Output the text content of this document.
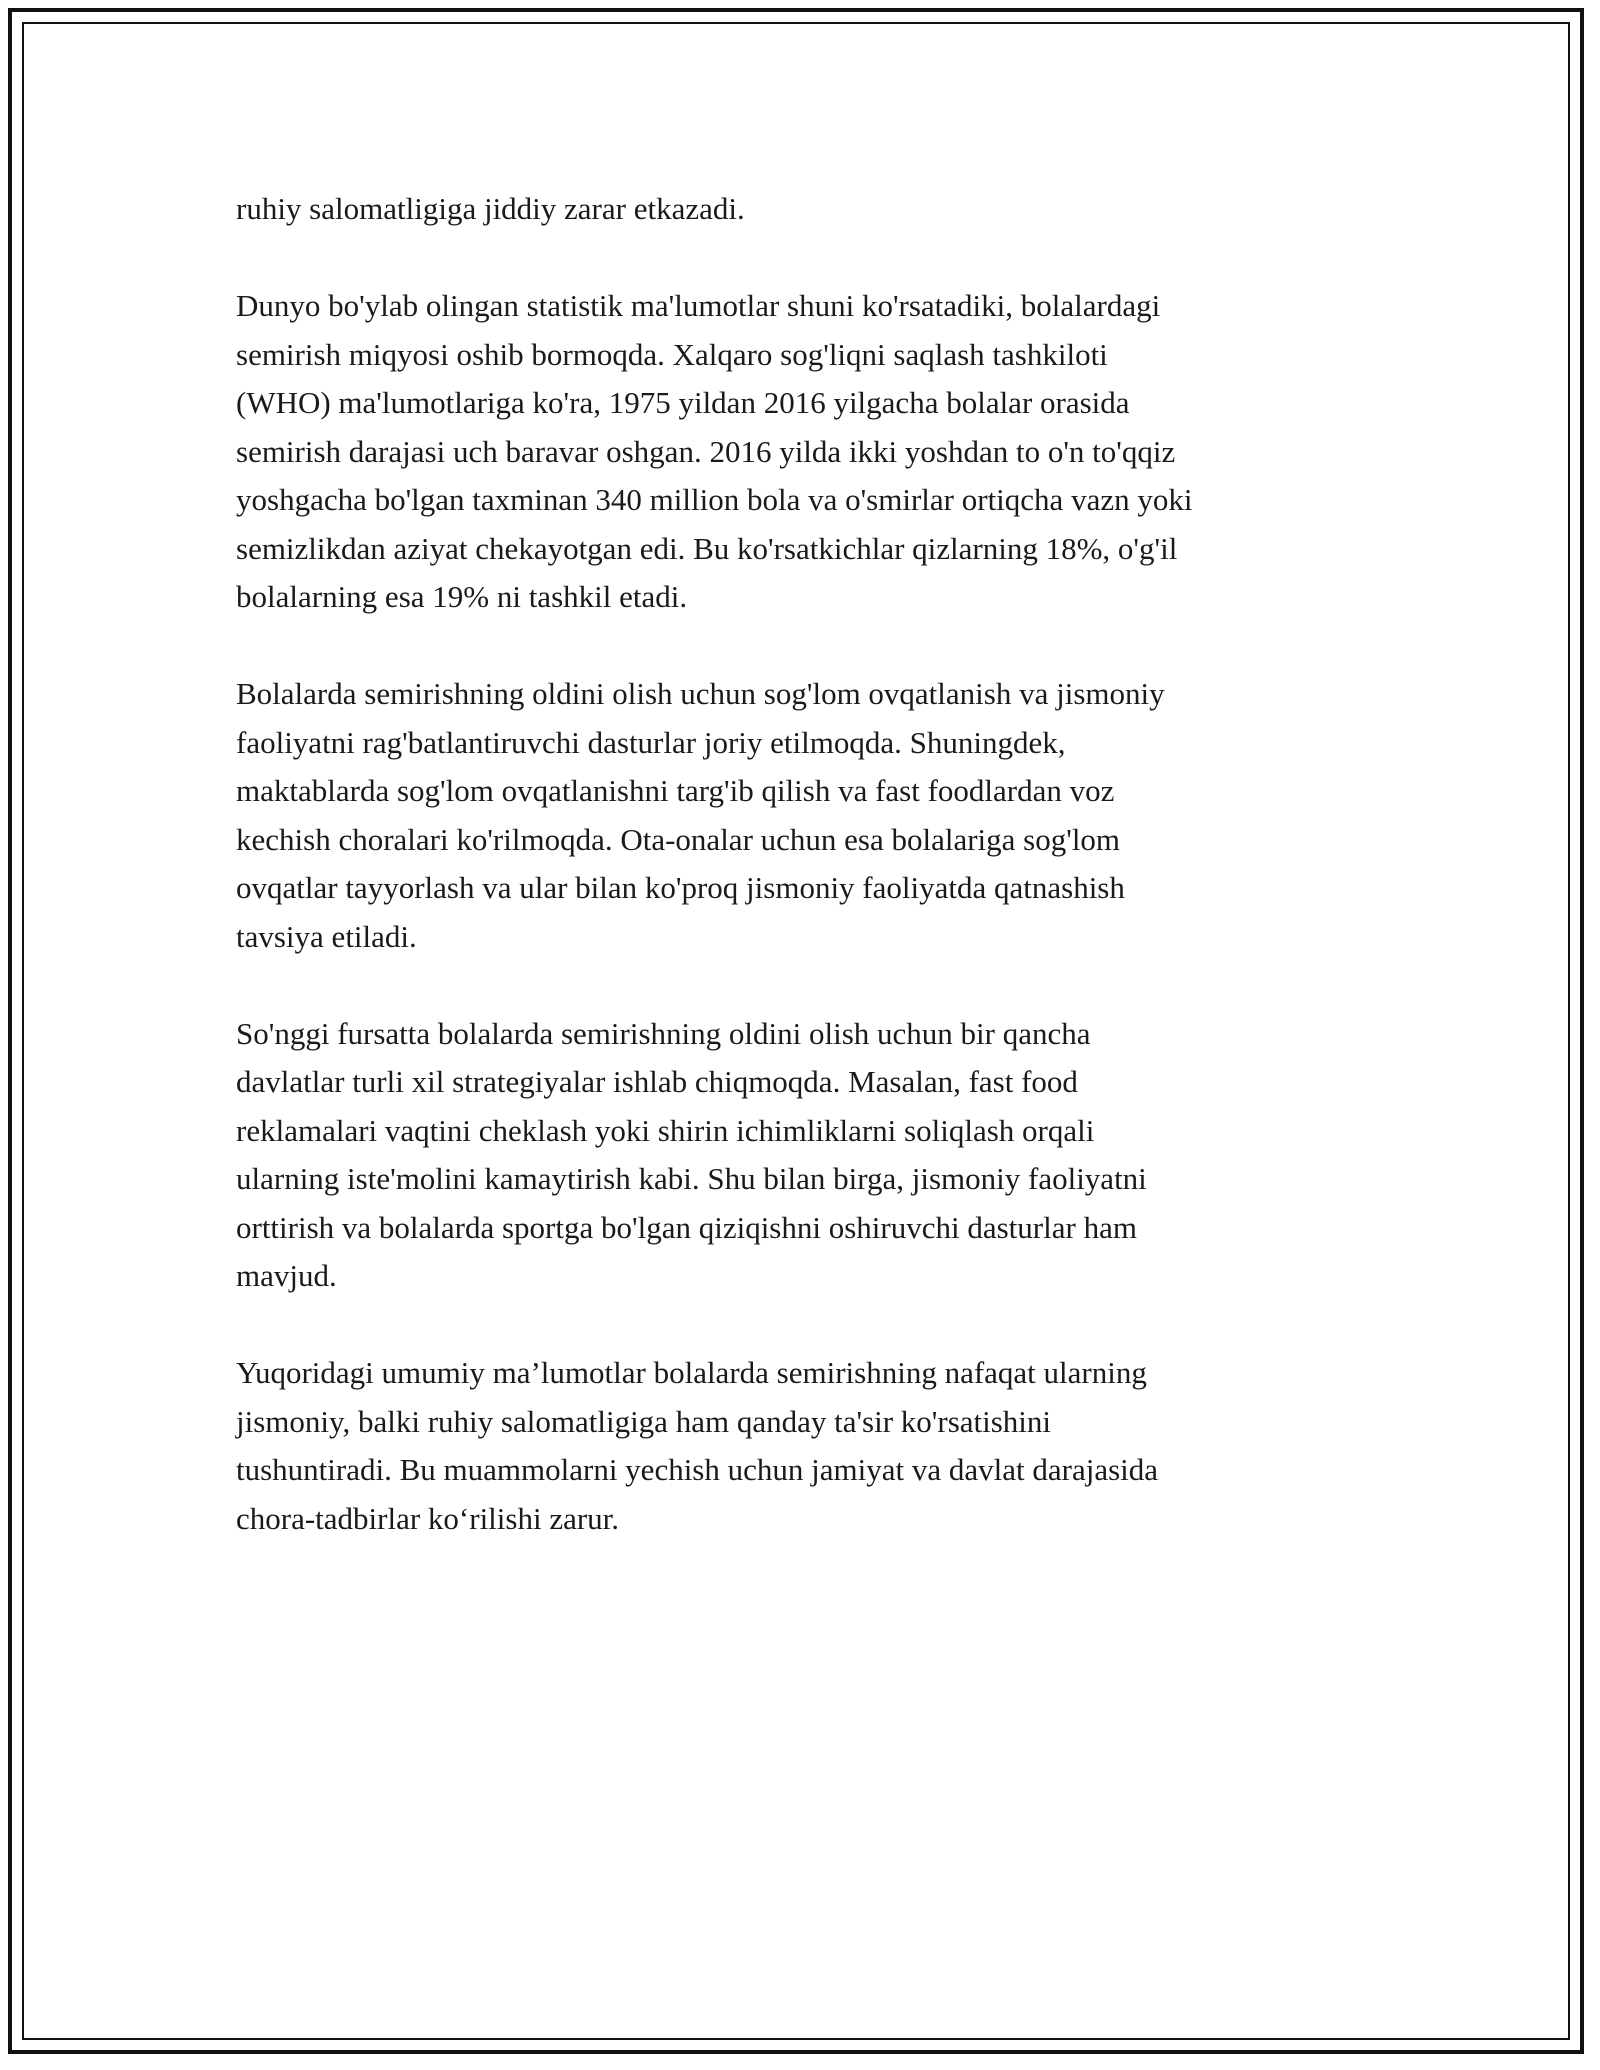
ruhiy salomatligiga jiddiy zarar etkazadi.

Dunyo bo'ylab olingan statistik ma'lumotlar shuni ko'rsatadiki, bolalardagi
semirish miqyosi oshib bormoqda. Xalqaro sog'liqni saqlash tashkiloti
(WHO) ma'lumotlariga ko'ra, 1975 yildan 2016 yilgacha bolalar orasida
semirish darajasi uch baravar oshgan. 2016 yilda ikki yoshdan to o'n to'qqiz
yoshgacha bo'lgan taxminan 340 million bola va o'smirlar ortiqcha vazn yoki
semizlikdan aziyat chekayotgan edi. Bu ko'rsatkichlar qizlarning 18%, o'g'il
bolalarning esa 19% ni tashkil etadi.

Bolalarda semirishning oldini olish uchun sog'lom ovqatlanish va jismoniy
faoliyatni rag'batlantiruvchi dasturlar joriy etilmoqda. Shuningdek,
maktablarda sog'lom ovqatlanishni targ'ib qilish va fast foodlardan voz
kechish choralari ko'rilmoqda. Ota-onalar uchun esa bolalariga sog'lom
ovqatlar tayyorlash va ular bilan ko'proq jismoniy faoliyatda qatnashish
tavsiya etiladi.

So'nggi fursatta bolalarda semirishning oldini olish uchun bir qancha
davlatlar turli xil strategiyalar ishlab chiqmoqda. Masalan, fast food
reklamalari vaqtini cheklash yoki shirin ichimliklarni soliqlash orqali
ularning iste'molini kamaytirish kabi. Shu bilan birga, jismoniy faoliyatni
orttirish va bolalarda sportga bo'lgan qiziqishni oshiruvchi dasturlar ham
mavjud.

Yuqoridagi umumiy ma’lumotlar bolalarda semirishning nafaqat ularning
jismoniy, balki ruhiy salomatligiga ham qanday ta'sir ko'rsatishini
tushuntiradi. Bu muammolarni yechish uchun jamiyat va davlat darajasida
chora-tadbirlar ko‘rilishi zarur.
